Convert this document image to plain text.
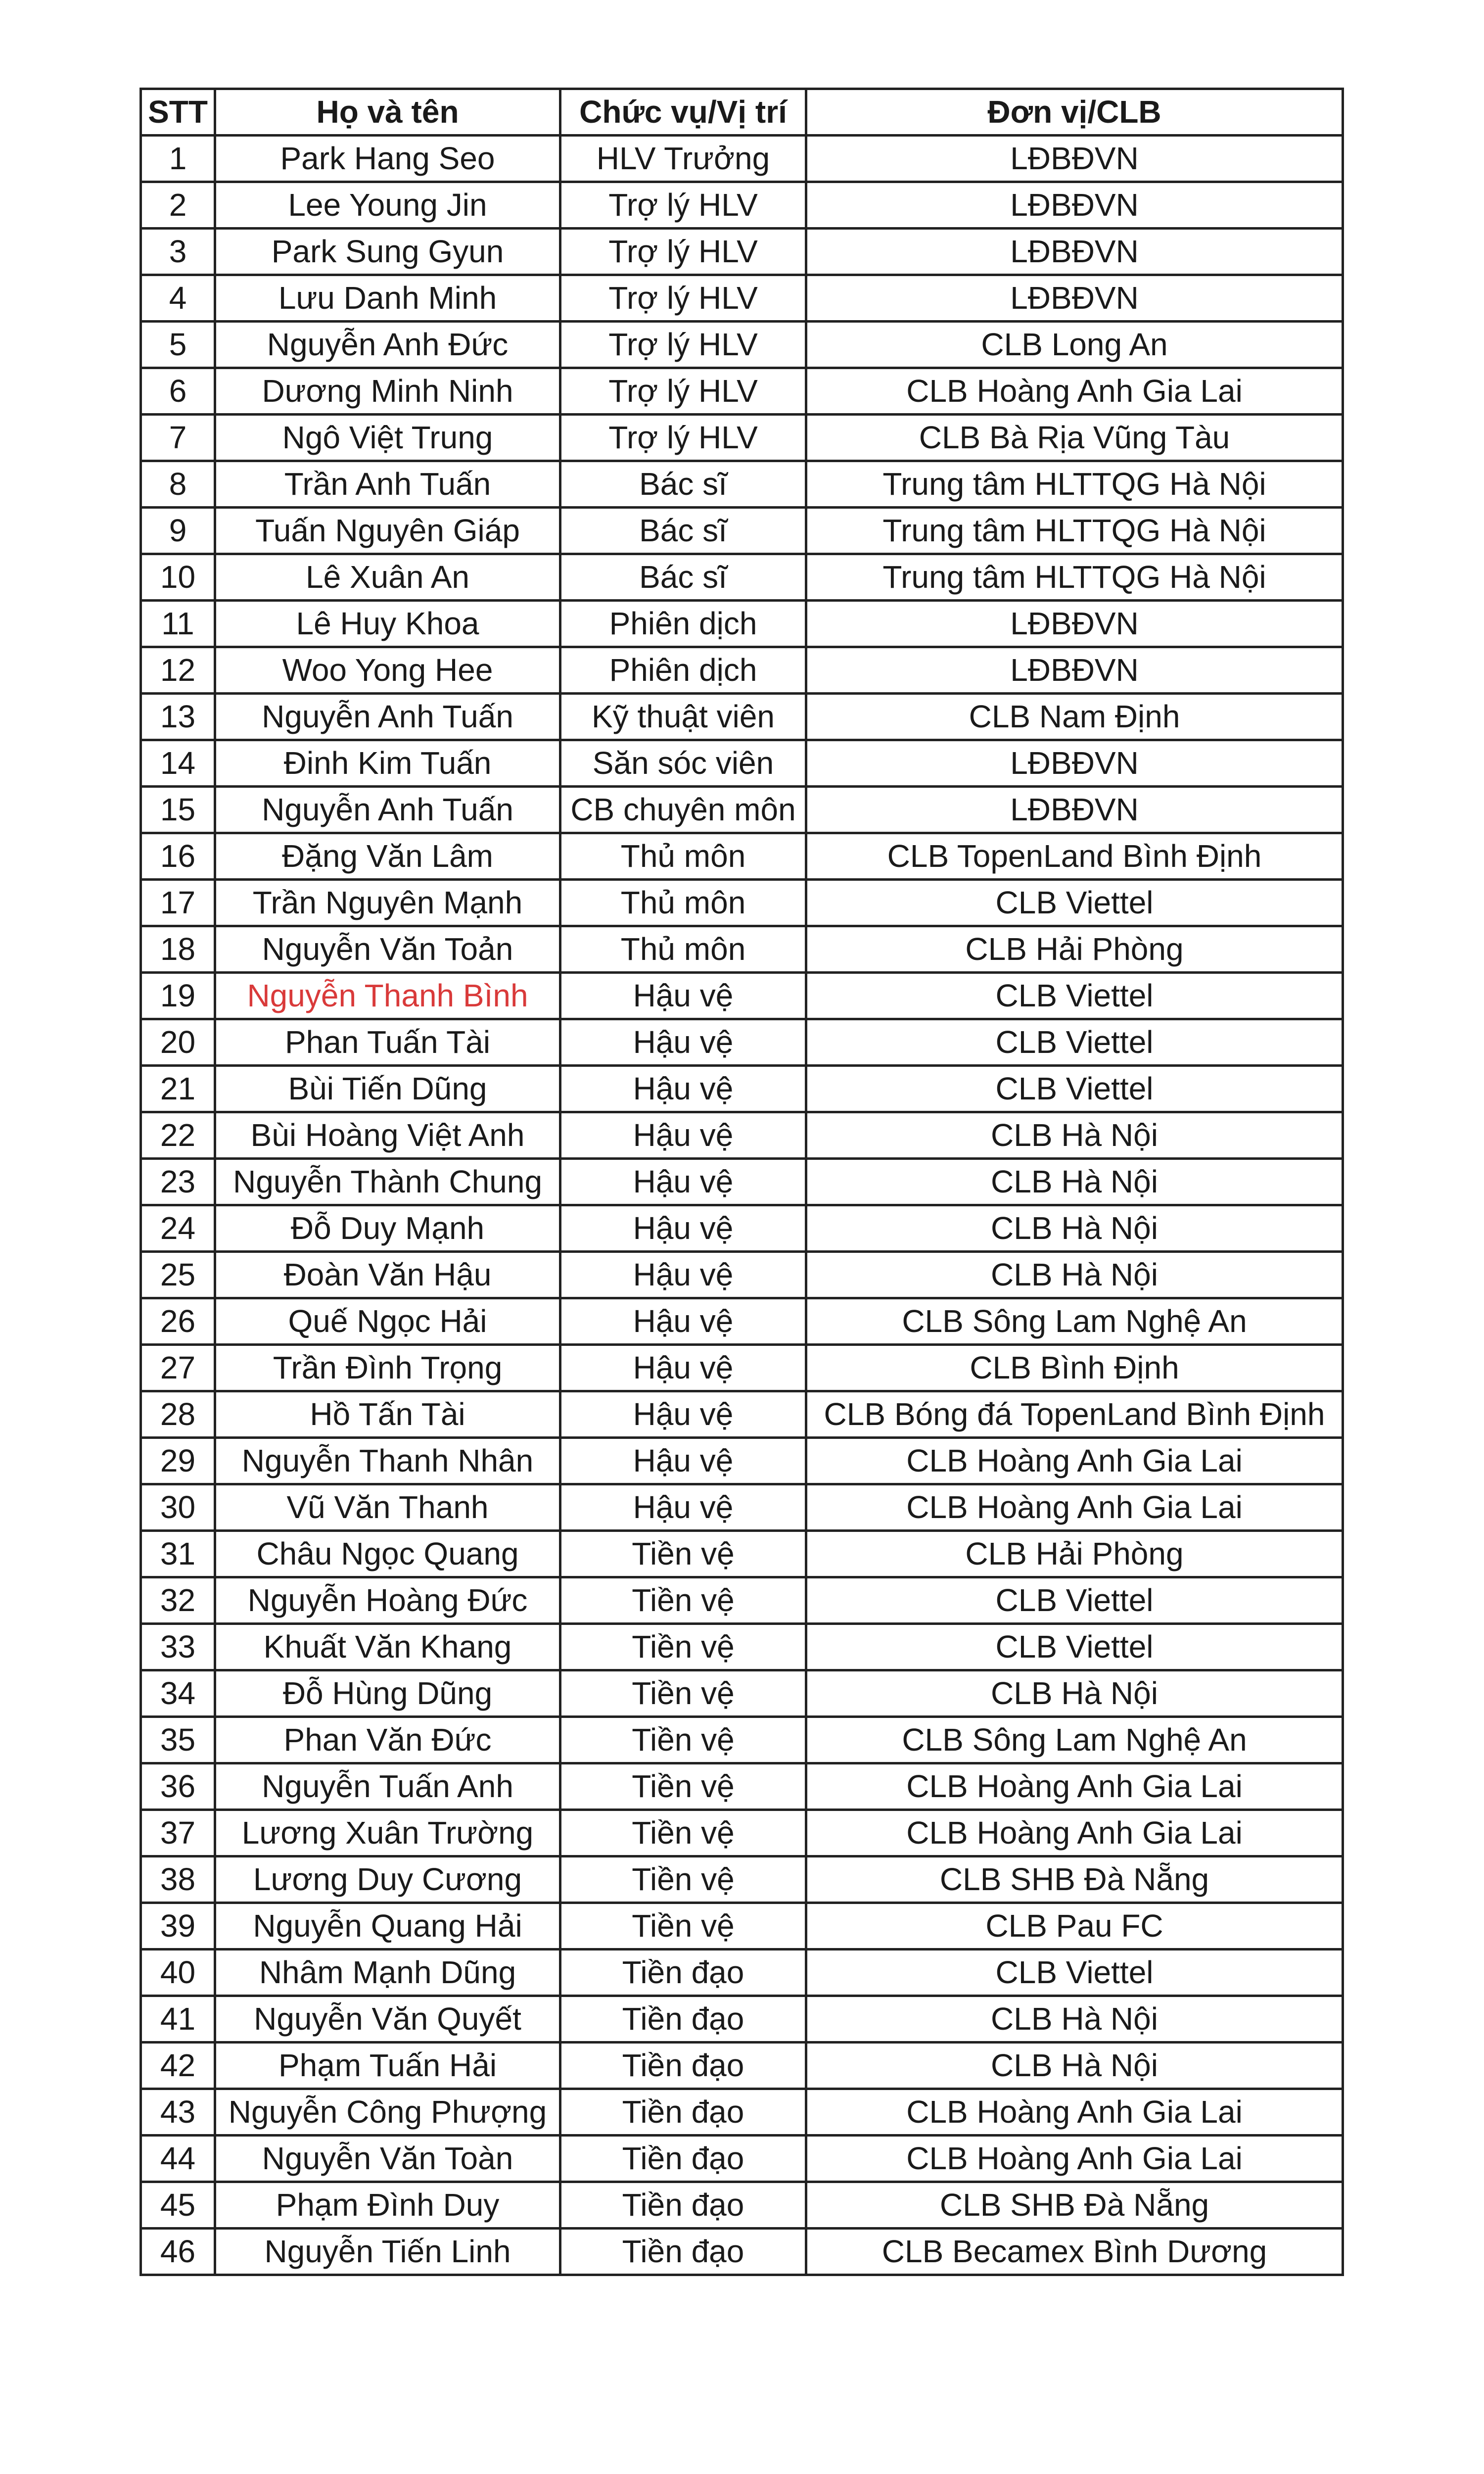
STT	Họ và tên	Chức vụ/Vị trí	Đơn vị/CLB
1	Park Hang Seo	HLV Trưởng	LĐBĐVN
2	Lee Young Jin	Trợ lý HLV	LĐBĐVN
3	Park Sung Gyun	Trợ lý HLV	LĐBĐVN
4	Lưu Danh Minh	Trợ lý HLV	LĐBĐVN
5	Nguyễn Anh Đức	Trợ lý HLV	CLB Long An
6	Dương Minh Ninh	Trợ lý HLV	CLB Hoàng Anh Gia Lai
7	Ngô Việt Trung	Trợ lý HLV	CLB Bà Rịa Vũng Tàu
8	Trần Anh Tuấn	Bác sĩ	Trung tâm HLTTQG Hà Nội
9	Tuấn Nguyên Giáp	Bác sĩ	Trung tâm HLTTQG Hà Nội
10	Lê Xuân An	Bác sĩ	Trung tâm HLTTQG Hà Nội
11	Lê Huy Khoa	Phiên dịch	LĐBĐVN
12	Woo Yong Hee	Phiên dịch	LĐBĐVN
13	Nguyễn Anh Tuấn	Kỹ thuật viên	CLB Nam Định
14	Đinh Kim Tuấn	Săn sóc viên	LĐBĐVN
15	Nguyễn Anh Tuấn	CB chuyên môn	LĐBĐVN
16	Đặng Văn Lâm	Thủ môn	CLB TopenLand Bình Định
17	Trần Nguyên Mạnh	Thủ môn	CLB Viettel
18	Nguyễn Văn Toản	Thủ môn	CLB Hải Phòng
19	Nguyễn Thanh Bình	Hậu vệ	CLB Viettel
20	Phan Tuấn Tài	Hậu vệ	CLB Viettel
21	Bùi Tiến Dũng	Hậu vệ	CLB Viettel
22	Bùi Hoàng Việt Anh	Hậu vệ	CLB Hà Nội
23	Nguyễn Thành Chung	Hậu vệ	CLB Hà Nội
24	Đỗ Duy Mạnh	Hậu vệ	CLB Hà Nội
25	Đoàn Văn Hậu	Hậu vệ	CLB Hà Nội
26	Quế Ngọc Hải	Hậu vệ	CLB Sông Lam Nghệ An
27	Trần Đình Trọng	Hậu vệ	CLB Bình Định
28	Hồ Tấn Tài	Hậu vệ	CLB Bóng đá TopenLand Bình Định
29	Nguyễn Thanh Nhân	Hậu vệ	CLB Hoàng Anh Gia Lai
30	Vũ Văn Thanh	Hậu vệ	CLB Hoàng Anh Gia Lai
31	Châu Ngọc Quang	Tiền vệ	CLB Hải Phòng
32	Nguyễn Hoàng Đức	Tiền vệ	CLB Viettel
33	Khuất Văn Khang	Tiền vệ	CLB Viettel
34	Đỗ Hùng Dũng	Tiền vệ	CLB Hà Nội
35	Phan Văn Đức	Tiền vệ	CLB Sông Lam Nghệ An
36	Nguyễn Tuấn Anh	Tiền vệ	CLB Hoàng Anh Gia Lai
37	Lương Xuân Trường	Tiền vệ	CLB Hoàng Anh Gia Lai
38	Lương Duy Cương	Tiền vệ	CLB SHB Đà Nẵng
39	Nguyễn Quang Hải	Tiền vệ	CLB Pau FC
40	Nhâm Mạnh Dũng	Tiền đạo	CLB Viettel
41	Nguyễn Văn Quyết	Tiền đạo	CLB Hà Nội
42	Phạm Tuấn Hải	Tiền đạo	CLB Hà Nội
43	Nguyễn Công Phượng	Tiền đạo	CLB Hoàng Anh Gia Lai
44	Nguyễn Văn Toàn	Tiền đạo	CLB Hoàng Anh Gia Lai
45	Phạm Đình Duy	Tiền đạo	CLB SHB Đà Nẵng
46	Nguyễn Tiến Linh	Tiền đạo	CLB Becamex Bình Dương
